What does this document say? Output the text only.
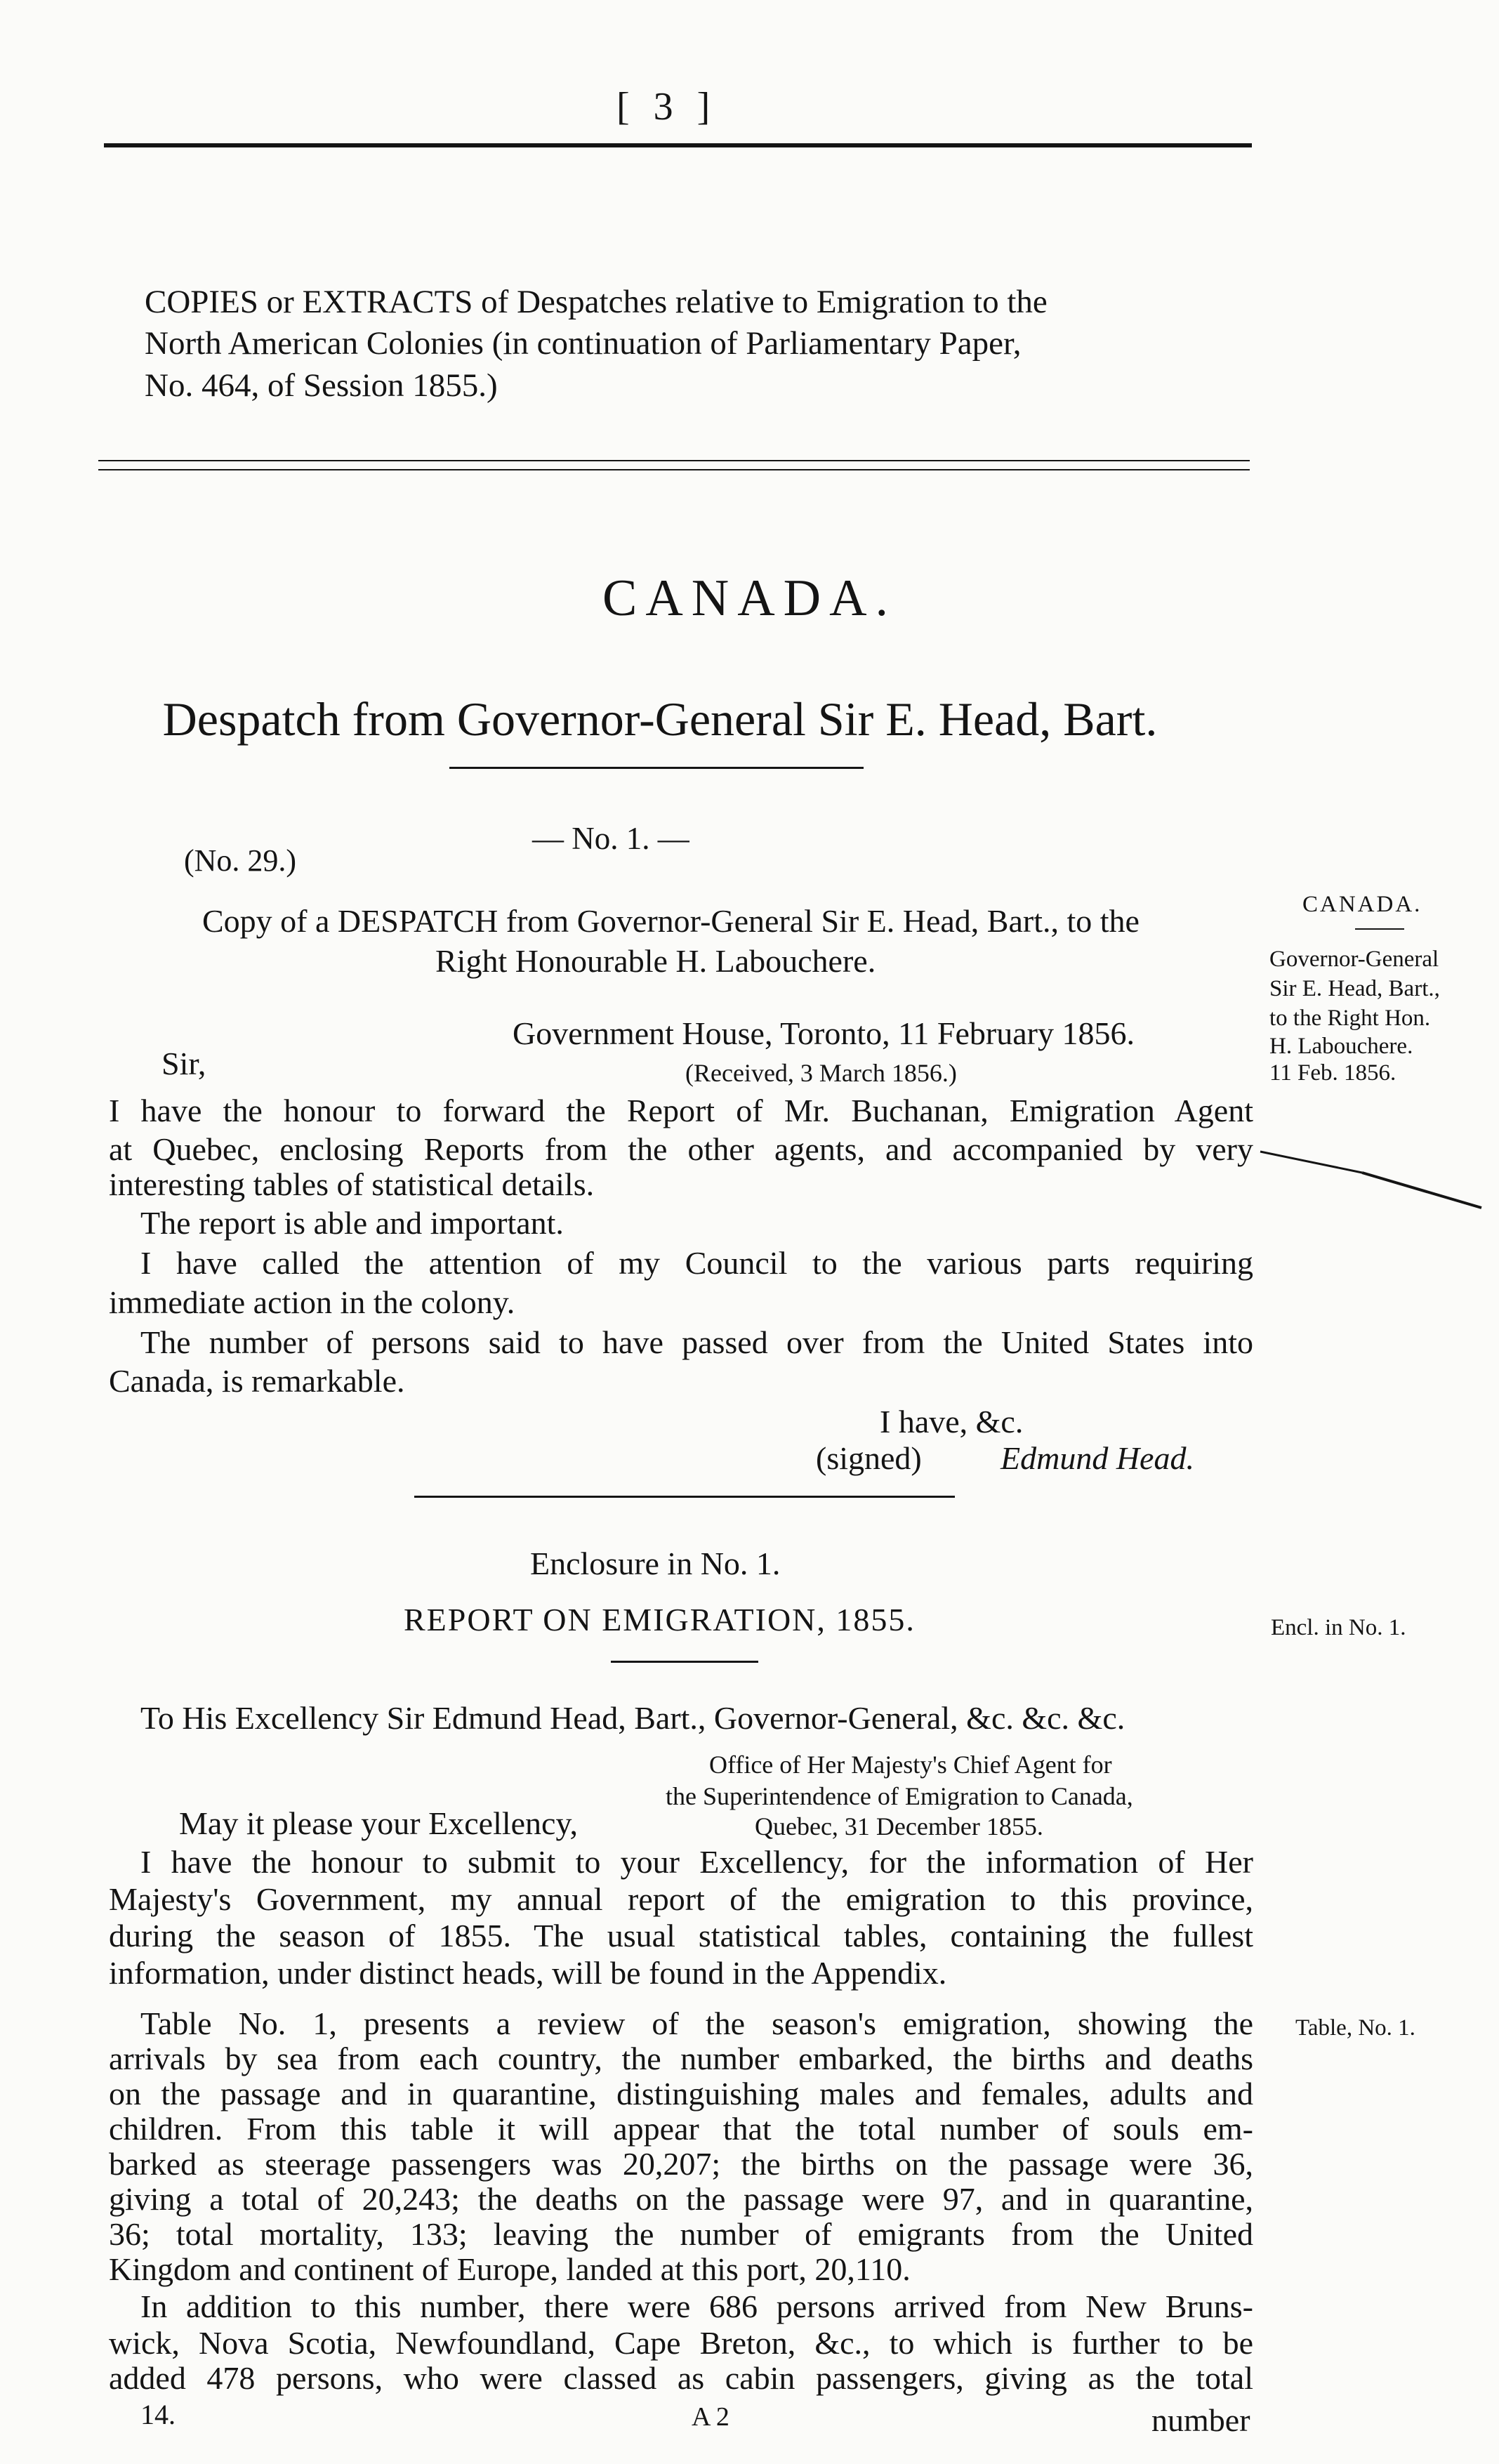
[ 3 ]
COPIES or EXTRACTS of Despatches relative to Emigration to the
North American Colonies (in continuation of Parliamentary Paper,
No. 464, of Session 1855.)
CANADA.
Despatch from Governor-General Sir E. Head, Bart.
— No. 1. —
(No. 29.)
Copy of a DESPATCH from Governor-General Sir E. Head, Bart., to the
Right Honourable H. Labouchere.
Government House, Toronto, 11 February 1856.
(Received, 3 March 1856.)
Sir,
I have the honour to forward the Report of Mr. Buchanan, Emigration Agent
at Quebec, enclosing Reports from the other agents, and accompanied by very
interesting tables of statistical details.
The report is able and important.
I have called the attention of my Council to the various parts requiring
immediate action in the colony.
The number of persons said to have passed over from the United States into
Canada, is remarkable.
I have, &c.
(signed) Edmund Head.
CANADA.
Governor-General
Sir E. Head, Bart.,
to the Right Hon.
H. Labouchere.
11 Feb. 1856.
Enclosure in No. 1.
REPORT ON EMIGRATION, 1855.	Encl. in No. 1.
To His Excellency Sir Edmund Head, Bart., Governor-General, &c. &c. &c.
Office of Her Majesty's Chief Agent for
the Superintendence of Emigration to Canada,
Quebec, 31 December 1855.
May it please your Excellency,
I have the honour to submit to your Excellency, for the information of Her
Majesty's Government, my annual report of the emigration to this province,
during the season of 1855. The usual statistical tables, containing the fullest
information, under distinct heads, will be found in the Appendix.
Table, No. 1.
Table No. 1, presents a review of the season's emigration, showing the
arrivals by sea from each country, the number embarked, the births and deaths
on the passage and in quarantine, distinguishing males and females, adults and
children. From this table it will appear that the total number of souls em-
barked as steerage passengers was 20,207; the births on the passage were 36,
giving a total of 20,243; the deaths on the passage were 97, and in quarantine,
36; total mortality, 133; leaving the number of emigrants from the United
Kingdom and continent of Europe, landed at this port, 20,110.
In addition to this number, there were 686 persons arrived from New Bruns-
wick, Nova Scotia, Newfoundland, Cape Breton, &c., to which is further to be
added 478 persons, who were classed as cabin passengers, giving as the total
14.	A 2	number
